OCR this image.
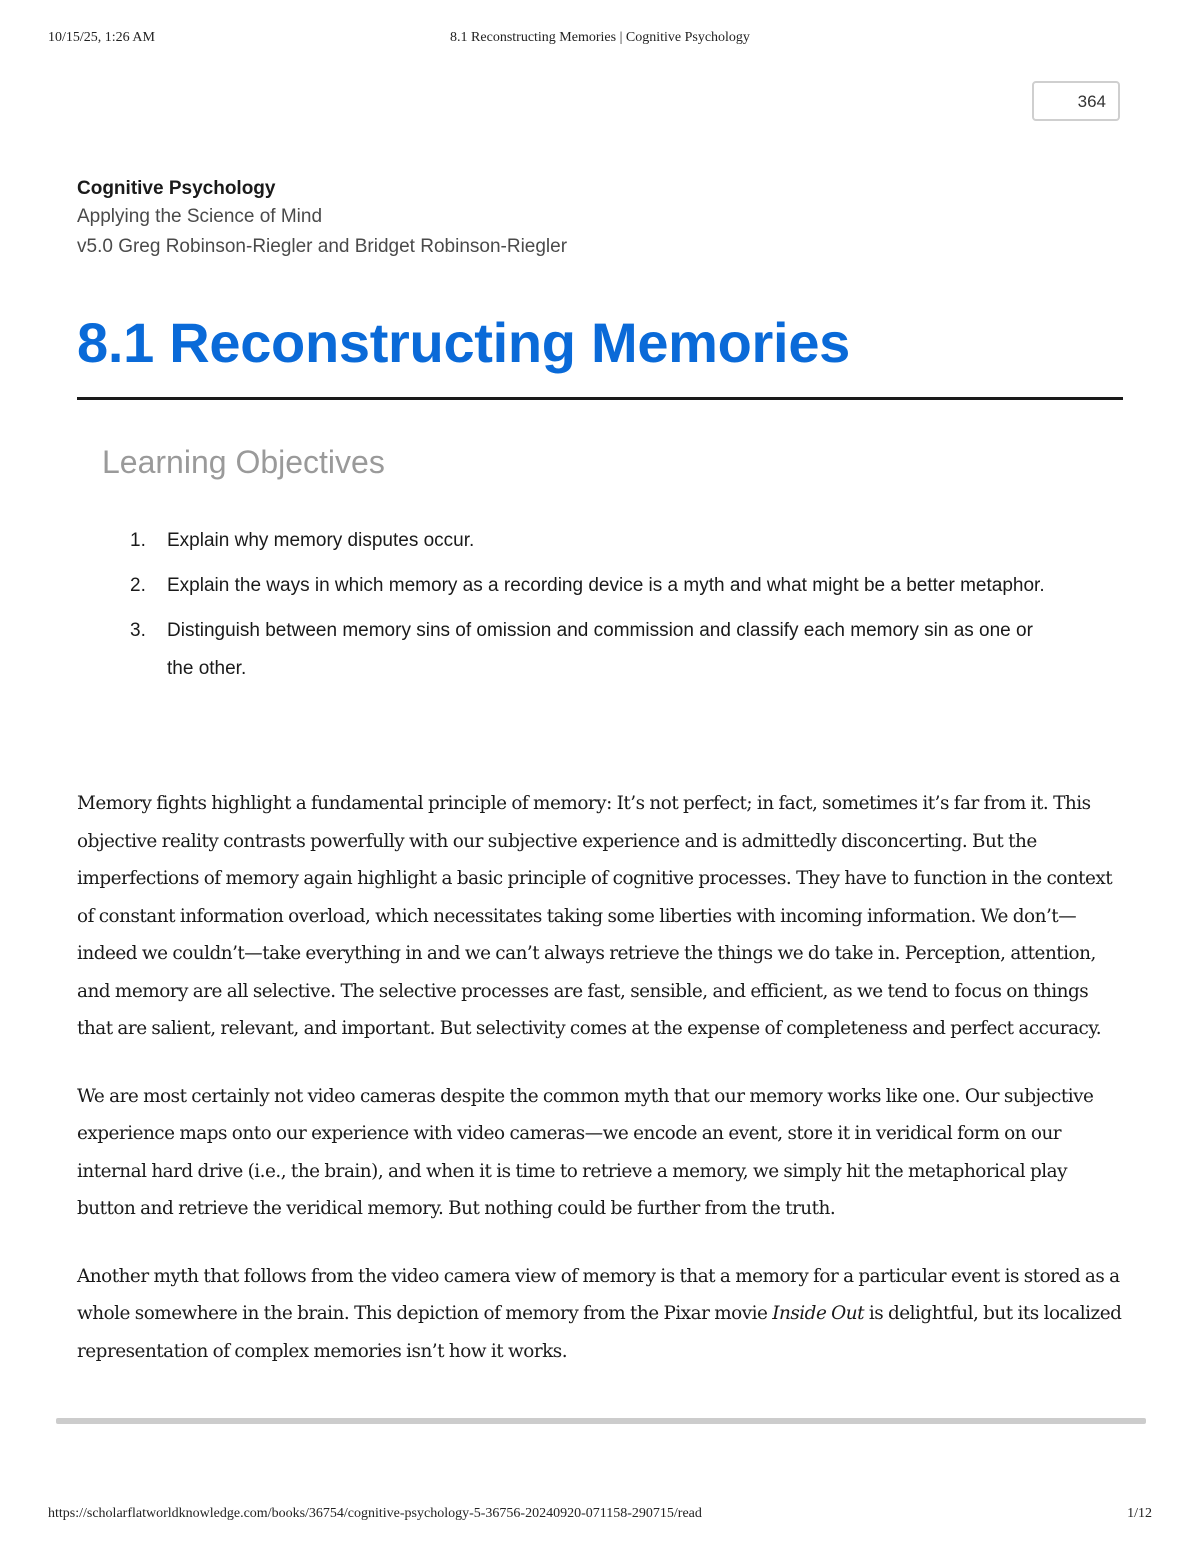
10/15/25, 1:26 AM	8.1 Reconstructing Memories | Cognitive Psychology
364
Cognitive Psychology
Applying the Science of Mind
v5.0 Greg Robinson-Riegler and Bridget Robinson-Riegler
8.1 Reconstructing Memories
Learning Objectives
1. Explain why memory disputes occur.
2. Explain the ways in which memory as a recording device is a myth and what might be a better metaphor.
3. Distinguish between memory sins of omission and commission and classify each memory sin as one or the other.

Memory fights highlight a fundamental principle of memory: It’s not perfect; in fact, sometimes it’s far from it. This objective reality contrasts powerfully with our subjective experience and is admittedly disconcerting. But the imperfections of memory again highlight a basic principle of cognitive processes. They have to function in the context of constant information overload, which necessitates taking some liberties with incoming information. We don’t—indeed we couldn’t—take everything in and we can’t always retrieve the things we do take in. Perception, attention, and memory are all selective. The selective processes are fast, sensible, and efficient, as we tend to focus on things that are salient, relevant, and important. But selectivity comes at the expense of completeness and perfect accuracy.

We are most certainly not video cameras despite the common myth that our memory works like one. Our subjective experience maps onto our experience with video cameras—we encode an event, store it in veridical form on our internal hard drive (i.e., the brain), and when it is time to retrieve a memory, we simply hit the metaphorical play button and retrieve the veridical memory. But nothing could be further from the truth.

Another myth that follows from the video camera view of memory is that a memory for a particular event is stored as a whole somewhere in the brain. This depiction of memory from the Pixar movie Inside Out is delightful, but its localized representation of complex memories isn’t how it works.

https://scholarflatworldknowledge.com/books/36754/cognitive-psychology-5-36756-20240920-071158-290715/read	1/12
